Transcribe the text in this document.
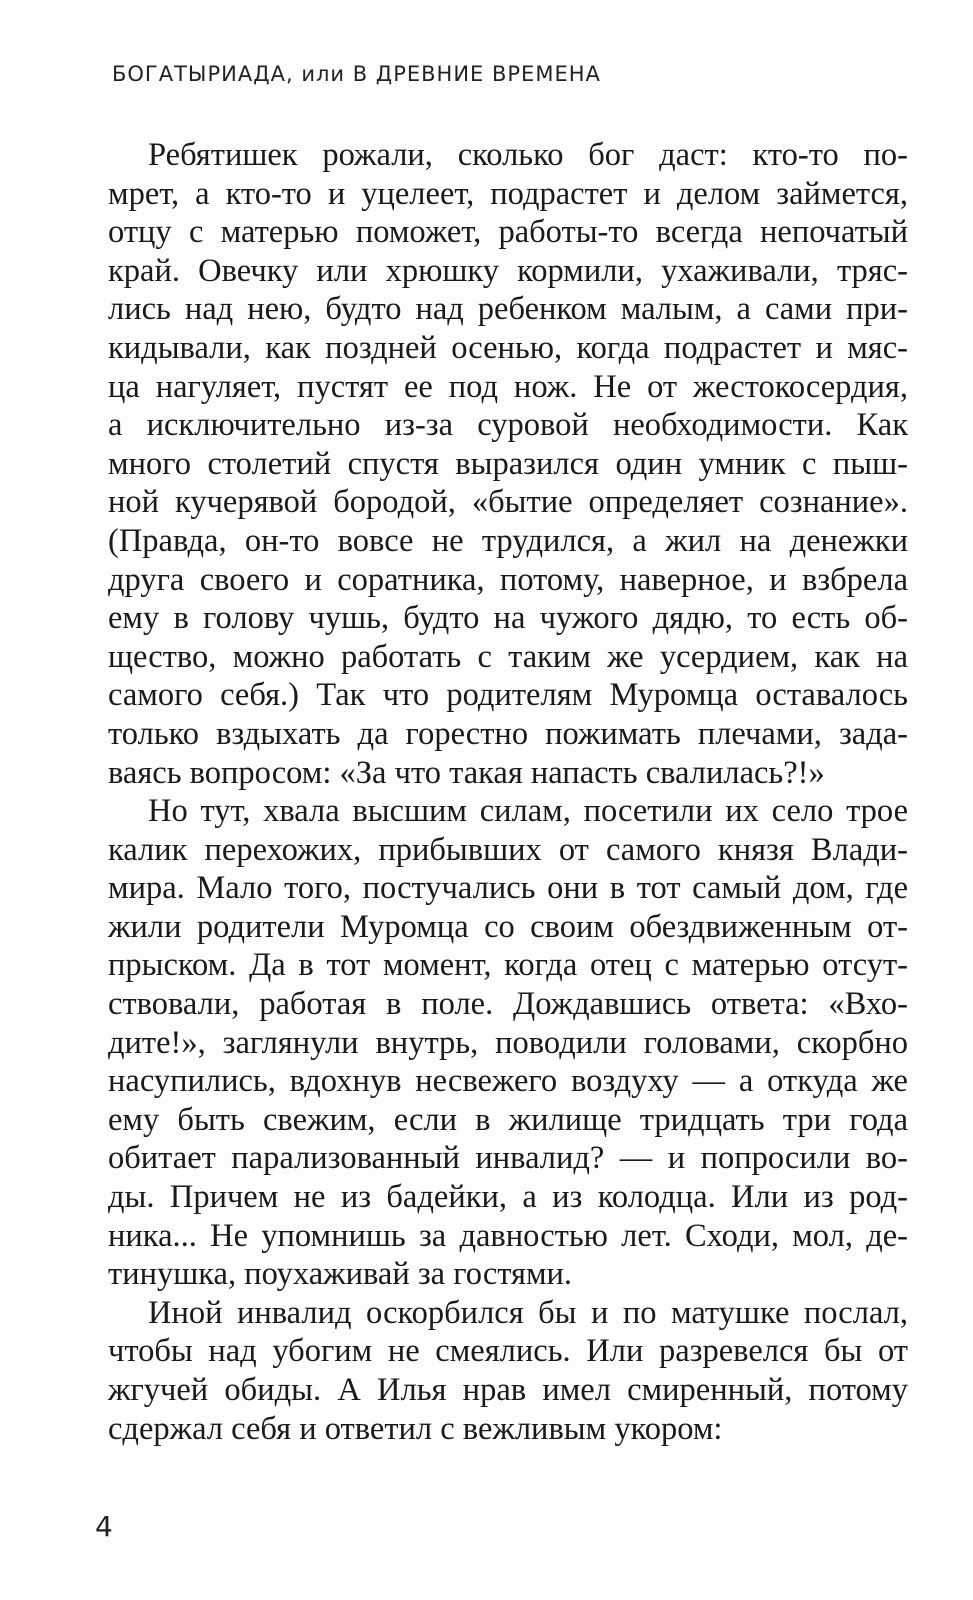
БОГАТЫРИАДА, или В ДРЕВНИЕ ВРЕМЕНА
Ребятишек рожали, сколько бог даст: кто-то по-
мрет, а кто-то и уцелеет, подрастет и делом займется,
отцу с матерью поможет, работы-то всегда непочатый
край. Овечку или хрюшку кормили, ухаживали, тряс-
лись над нею, будто над ребенком малым, а сами при-
кидывали, как поздней осенью, когда подрастет и мяс-
ца нагуляет, пустят ее под нож. Не от жестокосердия,
а исключительно из-за суровой необходимости. Как
много столетий спустя выразился один умник с пыш-
ной кучерявой бородой, «бытие определяет сознание».
(Правда, он-то вовсе не трудился, а жил на денежки
друга своего и соратника, потому, наверное, и взбрела
ему в голову чушь, будто на чужого дядю, то есть об-
щество, можно работать с таким же усердием, как на
самого себя.) Так что родителям Муромца оставалось
только вздыхать да горестно пожимать плечами, зада-
ваясь вопросом: «За что такая напасть свалилась?!»
Но тут, хвала высшим силам, посетили их село трое
калик перехожих, прибывших от самого князя Влади-
мира. Мало того, постучались они в тот самый дом, где
жили родители Муромца со своим обездвиженным от-
прыском. Да в тот момент, когда отец с матерью отсут-
ствовали, работая в поле. Дождавшись ответа: «Вхо-
дите!», заглянули внутрь, поводили головами, скорбно
насупились, вдохнув несвежего воздуху — а откуда же
ему быть свежим, если в жилище тридцать три года
обитает парализованный инвалид? — и попросили во-
ды. Причем не из бадейки, а из колодца. Или из род-
ника... Не упомнишь за давностью лет. Сходи, мол, де-
тинушка, поухаживай за гостями.
Иной инвалид оскорбился бы и по матушке послал,
чтобы над убогим не смеялись. Или разревелся бы от
жгучей обиды. А Илья нрав имел смиренный, потому
сдержал себя и ответил с вежливым укором:
4
